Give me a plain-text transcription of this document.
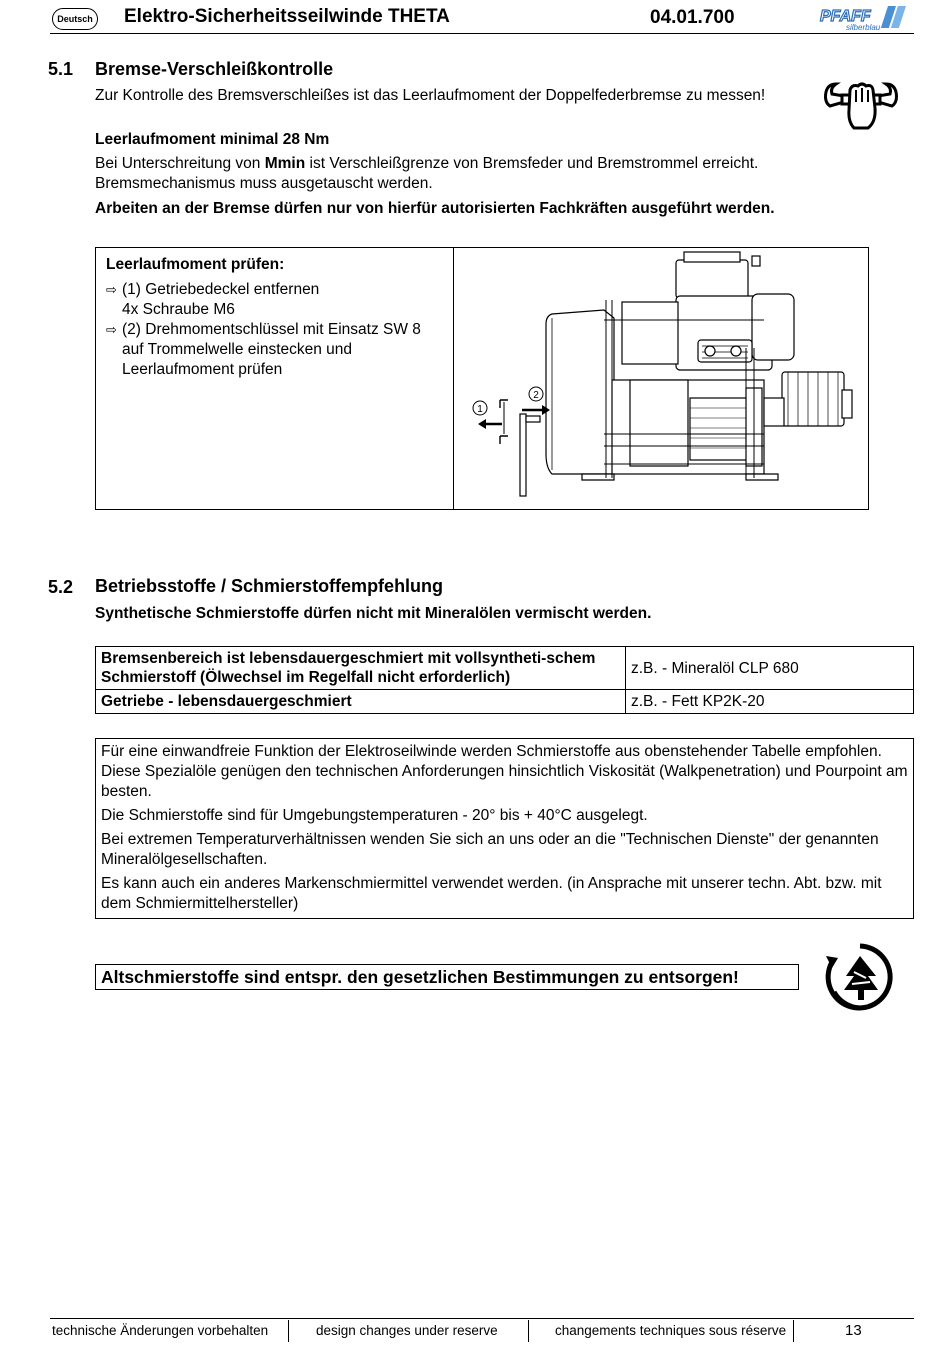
Deutsch Elektro-Sicherheitsseilwinde THETA	04.01.700	PFAFF
silberblau
5.1 Bremse-Verschleißkontrolle
Zur Kontrolle des Bremsverschleißes ist das Leerlaufmoment der Doppelfederbremse zu messen!
Leerlaufmoment minimal 28 Nm
Bei Unterschreitung von Mmin ist Verschleißgrenze von Bremsfeder und Bremstrommel erreicht. Bremsmechanismus muss ausgetauscht werden.
Arbeiten an der Bremse dürfen nur von hierfür autorisierten Fachkräften ausgeführt werden.
Leerlaufmoment prüfen:
⇨ (1) Getriebedeckel entfernen
4x Schraube M6
⇨ (2) Drehmomentschlüssel mit Einsatz SW 8 auf Trommelwelle einstecken und Leerlaufmoment prüfen
1
2
5.2 Betriebsstoffe / Schmierstoffempfehlung
Synthetische Schmierstoffe dürfen nicht mit Mineralölen vermischt werden.
Bremsenbereich ist lebensdauergeschmiert mit vollsyntheti-schem Schmierstoff (Ölwechsel im Regelfall nicht erforderlich)	z.B. - Mineralöl CLP 680
Getriebe - lebensdauergeschmiert	z.B. - Fett KP2K-20

Für eine einwandfreie Funktion der Elektroseilwinde werden Schmierstoffe aus obenstehender Tabelle empfohlen. Diese Spezialöle genügen den technischen Anforderungen hinsichtlich Viskosität (Walkpenetration) und Pourpoint am besten.

Die Schmierstoffe sind für Umgebungstemperaturen - 20° bis + 40°C ausgelegt.

Bei extremen Temperaturverhältnissen wenden Sie sich an uns oder an die "Technischen Dienste" der genannten Mineralölgesellschaften.

Es kann auch ein anderes Markenschmiermittel verwendet werden. (in Ansprache mit unserer techn. Abt. bzw. mit dem Schmiermittelhersteller)

Altschmierstoffe sind entspr. den gesetzlichen Bestimmungen zu entsorgen!
technische Änderungen vorbehalten	design changes under reserve	changements techniques sous réserve	13
